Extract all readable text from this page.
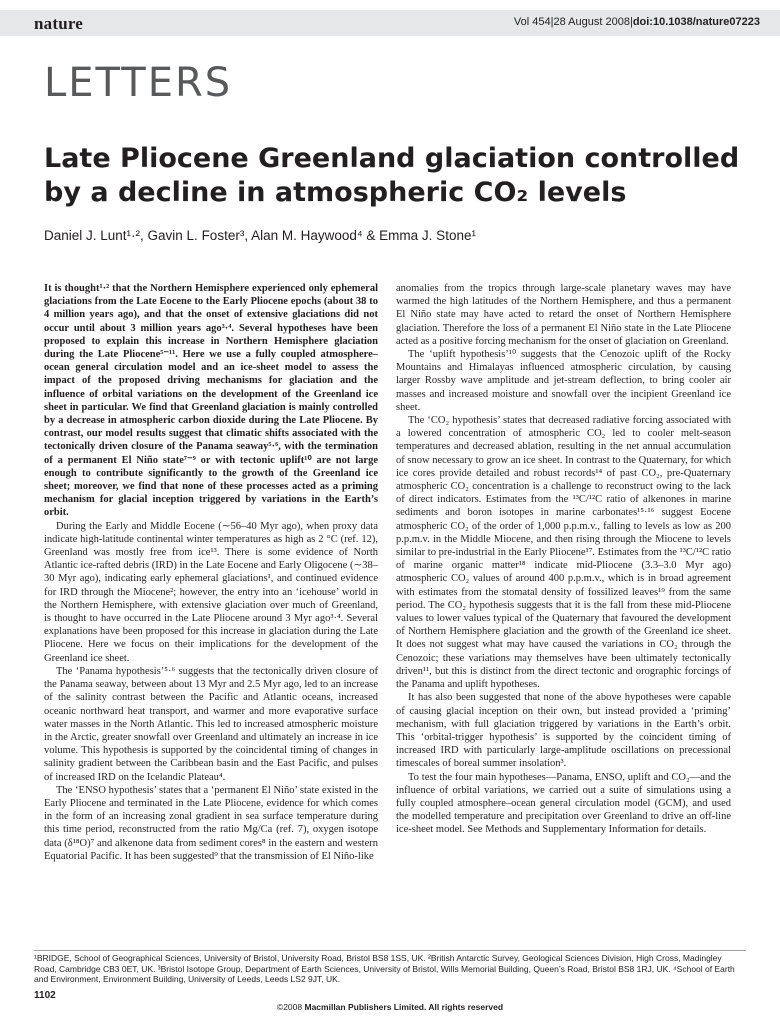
nature	Vol 454|28 August 2008|doi:10.1038/nature07223
LETTERS
Late Pliocene Greenland glaciation controlled by a decline in atmospheric CO₂ levels
Daniel J. Lunt¹·², Gavin L. Foster³, Alan M. Haywood⁴ & Emma J. Stone¹

It is thought¹·² that the Northern Hemisphere experienced only ephemeral glaciations from the Late Eocene to the Early Pliocene epochs (about 38 to 4 million years ago), and that the onset of extensive glaciations did not occur until about 3 million years ago³·⁴. Several hypotheses have been proposed to explain this increase in Northern Hemisphere glaciation during the Late Pliocene⁵⁻¹¹. Here we use a fully coupled atmosphere–ocean general circulation model and an ice-sheet model to assess the impact of the proposed driving mechanisms for glaciation and the influence of orbital variations on the development of the Greenland ice sheet in particular. We find that Greenland glaciation is mainly controlled by a decrease in atmospheric carbon dioxide during the Late Pliocene. By contrast, our model results suggest that climatic shifts associated with the tectonically driven closure of the Panama seaway⁵·⁶, with the termination of a permanent El Niño state⁷⁻⁹ or with tectonic uplift¹⁰ are not large enough to contribute significantly to the growth of the Greenland ice sheet; moreover, we find that none of these processes acted as a priming mechanism for glacial inception triggered by variations in the Earth’s orbit.

During the Early and Middle Eocene (∼56–40 Myr ago), when proxy data indicate high-latitude continental winter temperatures as high as 2 °C (ref. 12), Greenland was mostly free from ice¹³. There is some evidence of North Atlantic ice-rafted debris (IRD) in the Late Eocene and Early Oligocene (∼38–30 Myr ago), indicating early ephemeral glaciations¹, and continued evidence for IRD through the Miocene²; however, the entry into an ‘icehouse’ world in the Northern Hemisphere, with extensive glaciation over much of Greenland, is thought to have occurred in the Late Pliocene around 3 Myr ago³·⁴. Several explanations have been proposed for this increase in glaciation during the Late Pliocene. Here we focus on their implications for the development of the Greenland ice sheet.

The ‘Panama hypothesis’⁵·⁶ suggests that the tectonically driven closure of the Panama seaway, between about 13 Myr and 2.5 Myr ago, led to an increase of the salinity contrast between the Pacific and Atlantic oceans, increased oceanic northward heat transport, and warmer and more evaporative surface water masses in the North Atlantic. This led to increased atmospheric moisture in the Arctic, greater snowfall over Greenland and ultimately an increase in ice volume. This hypothesis is supported by the coincidental timing of changes in salinity gradient between the Caribbean basin and the East Pacific, and pulses of increased IRD on the Icelandic Plateau⁴.

The ‘ENSO hypothesis’ states that a ‘permanent El Niño’ state existed in the Early Pliocene and terminated in the Late Pliocene, evidence for which comes in the form of an increasing zonal gradient in sea surface temperature during this time period, reconstructed from the ratio Mg/Ca (ref. 7), oxygen isotope data (δ¹⁸O)⁷ and alkenone data from sediment cores⁸ in the eastern and western Equatorial Pacific. It has been suggested⁹ that the transmission of El Niño-like

anomalies from the tropics through large-scale planetary waves may have warmed the high latitudes of the Northern Hemisphere, and thus a permanent El Niño state may have acted to retard the onset of Northern Hemisphere glaciation. Therefore the loss of a permanent El Niño state in the Late Pliocene acted as a positive forcing mechanism for the onset of glaciation on Greenland.

The ‘uplift hypothesis’¹⁰ suggests that the Cenozoic uplift of the Rocky Mountains and Himalayas influenced atmospheric circulation, by causing larger Rossby wave amplitude and jet-stream deflection, to bring cooler air masses and increased moisture and snowfall over the incipient Greenland ice sheet.

The ‘CO₂ hypothesis’ states that decreased radiative forcing associated with a lowered concentration of atmospheric CO₂ led to cooler melt-season temperatures and decreased ablation, resulting in the net annual accumulation of snow necessary to grow an ice sheet. In contrast to the Quaternary, for which ice cores provide detailed and robust records¹⁴ of past CO₂, pre-Quaternary atmospheric CO₂ concentration is a challenge to reconstruct owing to the lack of direct indicators. Estimates from the ¹³C/¹²C ratio of alkenones in marine sediments and boron isotopes in marine carbonates¹⁵·¹⁶ suggest Eocene atmospheric CO₂ of the order of 1,000 p.p.m.v., falling to levels as low as 200 p.p.m.v. in the Middle Miocene, and then rising through the Miocene to levels similar to pre-industrial in the Early Pliocene¹⁷. Estimates from the ¹³C/¹²C ratio of marine organic matter¹⁸ indicate mid-Pliocene (3.3–3.0 Myr ago) atmospheric CO₂ values of around 400 p.p.m.v., which is in broad agreement with estimates from the stomatal density of fossilized leaves¹⁹ from the same period. The CO₂ hypothesis suggests that it is the fall from these mid-Pliocene values to lower values typical of the Quaternary that favoured the development of Northern Hemisphere glaciation and the growth of the Greenland ice sheet. It does not suggest what may have caused the variations in CO₂ through the Cenozoic; these variations may themselves have been ultimately tectonically driven¹¹, but this is distinct from the direct tectonic and orographic forcings of the Panama and uplift hypotheses.

It has also been suggested that none of the above hypotheses were capable of causing glacial inception on their own, but instead provided a ‘priming’ mechanism, with full glaciation triggered by variations in the Earth’s orbit. This ‘orbital-trigger hypothesis’ is supported by the coincident timing of increased IRD with particularly large-amplitude oscillations on precessional timescales of boreal summer insolation³.

To test the four main hypotheses—Panama, ENSO, uplift and CO₂—and the influence of orbital variations, we carried out a suite of simulations using a fully coupled atmosphere–ocean general circulation model (GCM), and used the modelled temperature and precipitation over Greenland to drive an off-line ice-sheet model. See Methods and Supplementary Information for details.

¹BRIDGE, School of Geographical Sciences, University of Bristol, University Road, Bristol BS8 1SS, UK. ²British Antarctic Survey, Geological Sciences Division, High Cross, Madingley Road, Cambridge CB3 0ET, UK. ³Bristol Isotope Group, Department of Earth Sciences, University of Bristol, Wills Memorial Building, Queen’s Road, Bristol BS8 1RJ, UK. ⁴School of Earth and Environment, Environment Building, University of Leeds, Leeds LS2 9JT, UK.
1102
©2008 Macmillan Publishers Limited. All rights reserved
